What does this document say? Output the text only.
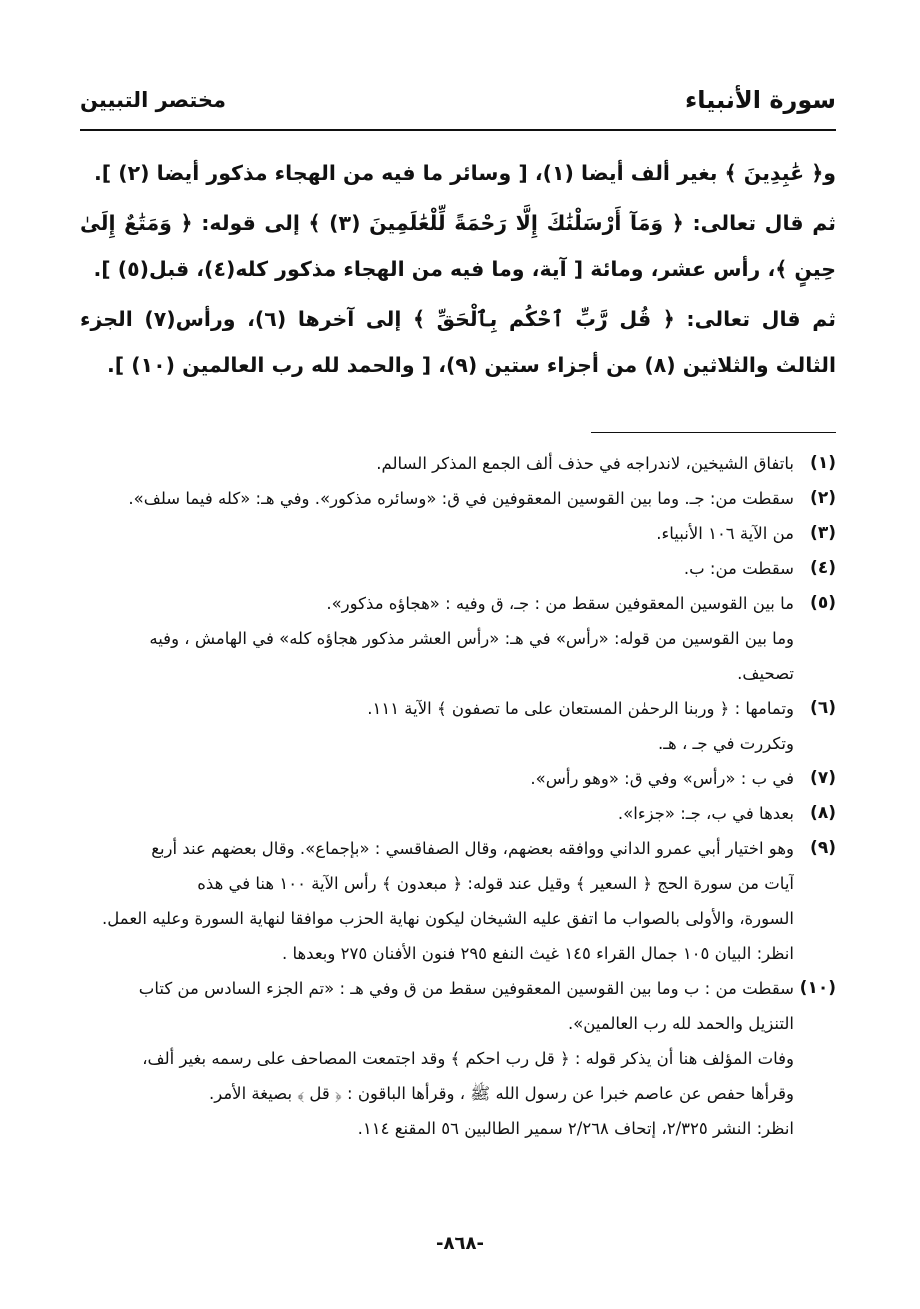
سورة الأنبياء
مختصر التبيين

و﴿ عَٰبِدِينَ ﴾ بغير ألف أيضا (١)، [ وسائر ما فيه من الهجاء مذكور أيضا (٢) ].

ثم قال تعالى: ﴿ وَمَآ أَرْسَلْنَٰكَ إِلَّا رَحْمَةً لِّلْعَٰلَمِينَ (٣) ﴾ إلى قوله: ﴿ وَمَتَٰعٌ إِلَىٰ حِينٍ ﴾، رأس عشر، ومائة [ آية، وما فيه من الهجاء مذكور كله(٤)، قبل(٥) ].

ثم قال تعالى: ﴿ قُل رَّبِّ ٱحْكُم بِٱلْحَقِّ ﴾ إلى آخرها (٦)، ورأس(٧) الجزء الثالث والثلاثين (٨) من أجزاء ستين (٩)، [ والحمد لله رب العالمين (١٠) ].

(١)
باتفاق الشيخين، لاندراجه في حذف ألف الجمع المذكر السالم.
(٢)
سقطت من: جـ. وما بين القوسين المعقوفين في ق: «وسائره مذكور». وفي هـ: «كله فيما سلف».
(٣)
من الآية ١٠٦ الأنبياء.
(٤)
سقطت من: ب.
(٥)
ما بين القوسين المعقوفين سقط من : جـ، ق وفيه : «هجاؤه مذكور».
وما بين القوسين من قوله: «رأس» في هـ: «رأس العشر مذكور هجاؤه كله» في الهامش ، وفيه
تصحيف.
(٦)
وتمامها : ﴿ وربنا الرحمٰن المستعان على ما تصفون ﴾ الآية ١١١.
وتكررت في جـ ، هـ.
(٧)
في ب : «رأس» وفي ق: «وهو رأس».
(٨)
بعدها في ب، جـ: «جزءا».
(٩)
وهو اختيار أبي عمرو الداني ووافقه بعضهم، وقال الصفاقسي : «بإجماع». وقال بعضهم عند أربع
آيات من سورة الحج ﴿ السعير ﴾ وقيل عند قوله: ﴿ مبعدون ﴾ رأس الآية ١٠٠ هنا في هذه
السورة، والأولى بالصواب ما اتفق عليه الشيخان ليكون نهاية الحزب موافقا لنهاية السورة وعليه العمل.
انظر: البيان ١٠٥ جمال القراء ١٤٥ غيث النفع ٢٩٥ فنون الأفنان ٢٧٥ وبعدها .
(١٠)
سقطت من : ب وما بين القوسين المعقوفين سقط من ق وفي هـ : «تم الجزء السادس من كتاب
التنزيل والحمد لله رب العالمين».
وفات المؤلف هنا أن يذكر قوله : ﴿ قل رب احكم ﴾ وقد اجتمعت المصاحف على رسمه بغير ألف،
وقرأها حفص عن عاصم خبرا عن رسول الله ﷺ ، وقرأها الباقون : ﴿ قل ﴾ بصيغة الأمر.
انظر: النشر ٢/٣٢٥، إتحاف ٢/٢٦٨ سمير الطالبين ٥٦ المقنع ١١٤.
-٨٦٨-
